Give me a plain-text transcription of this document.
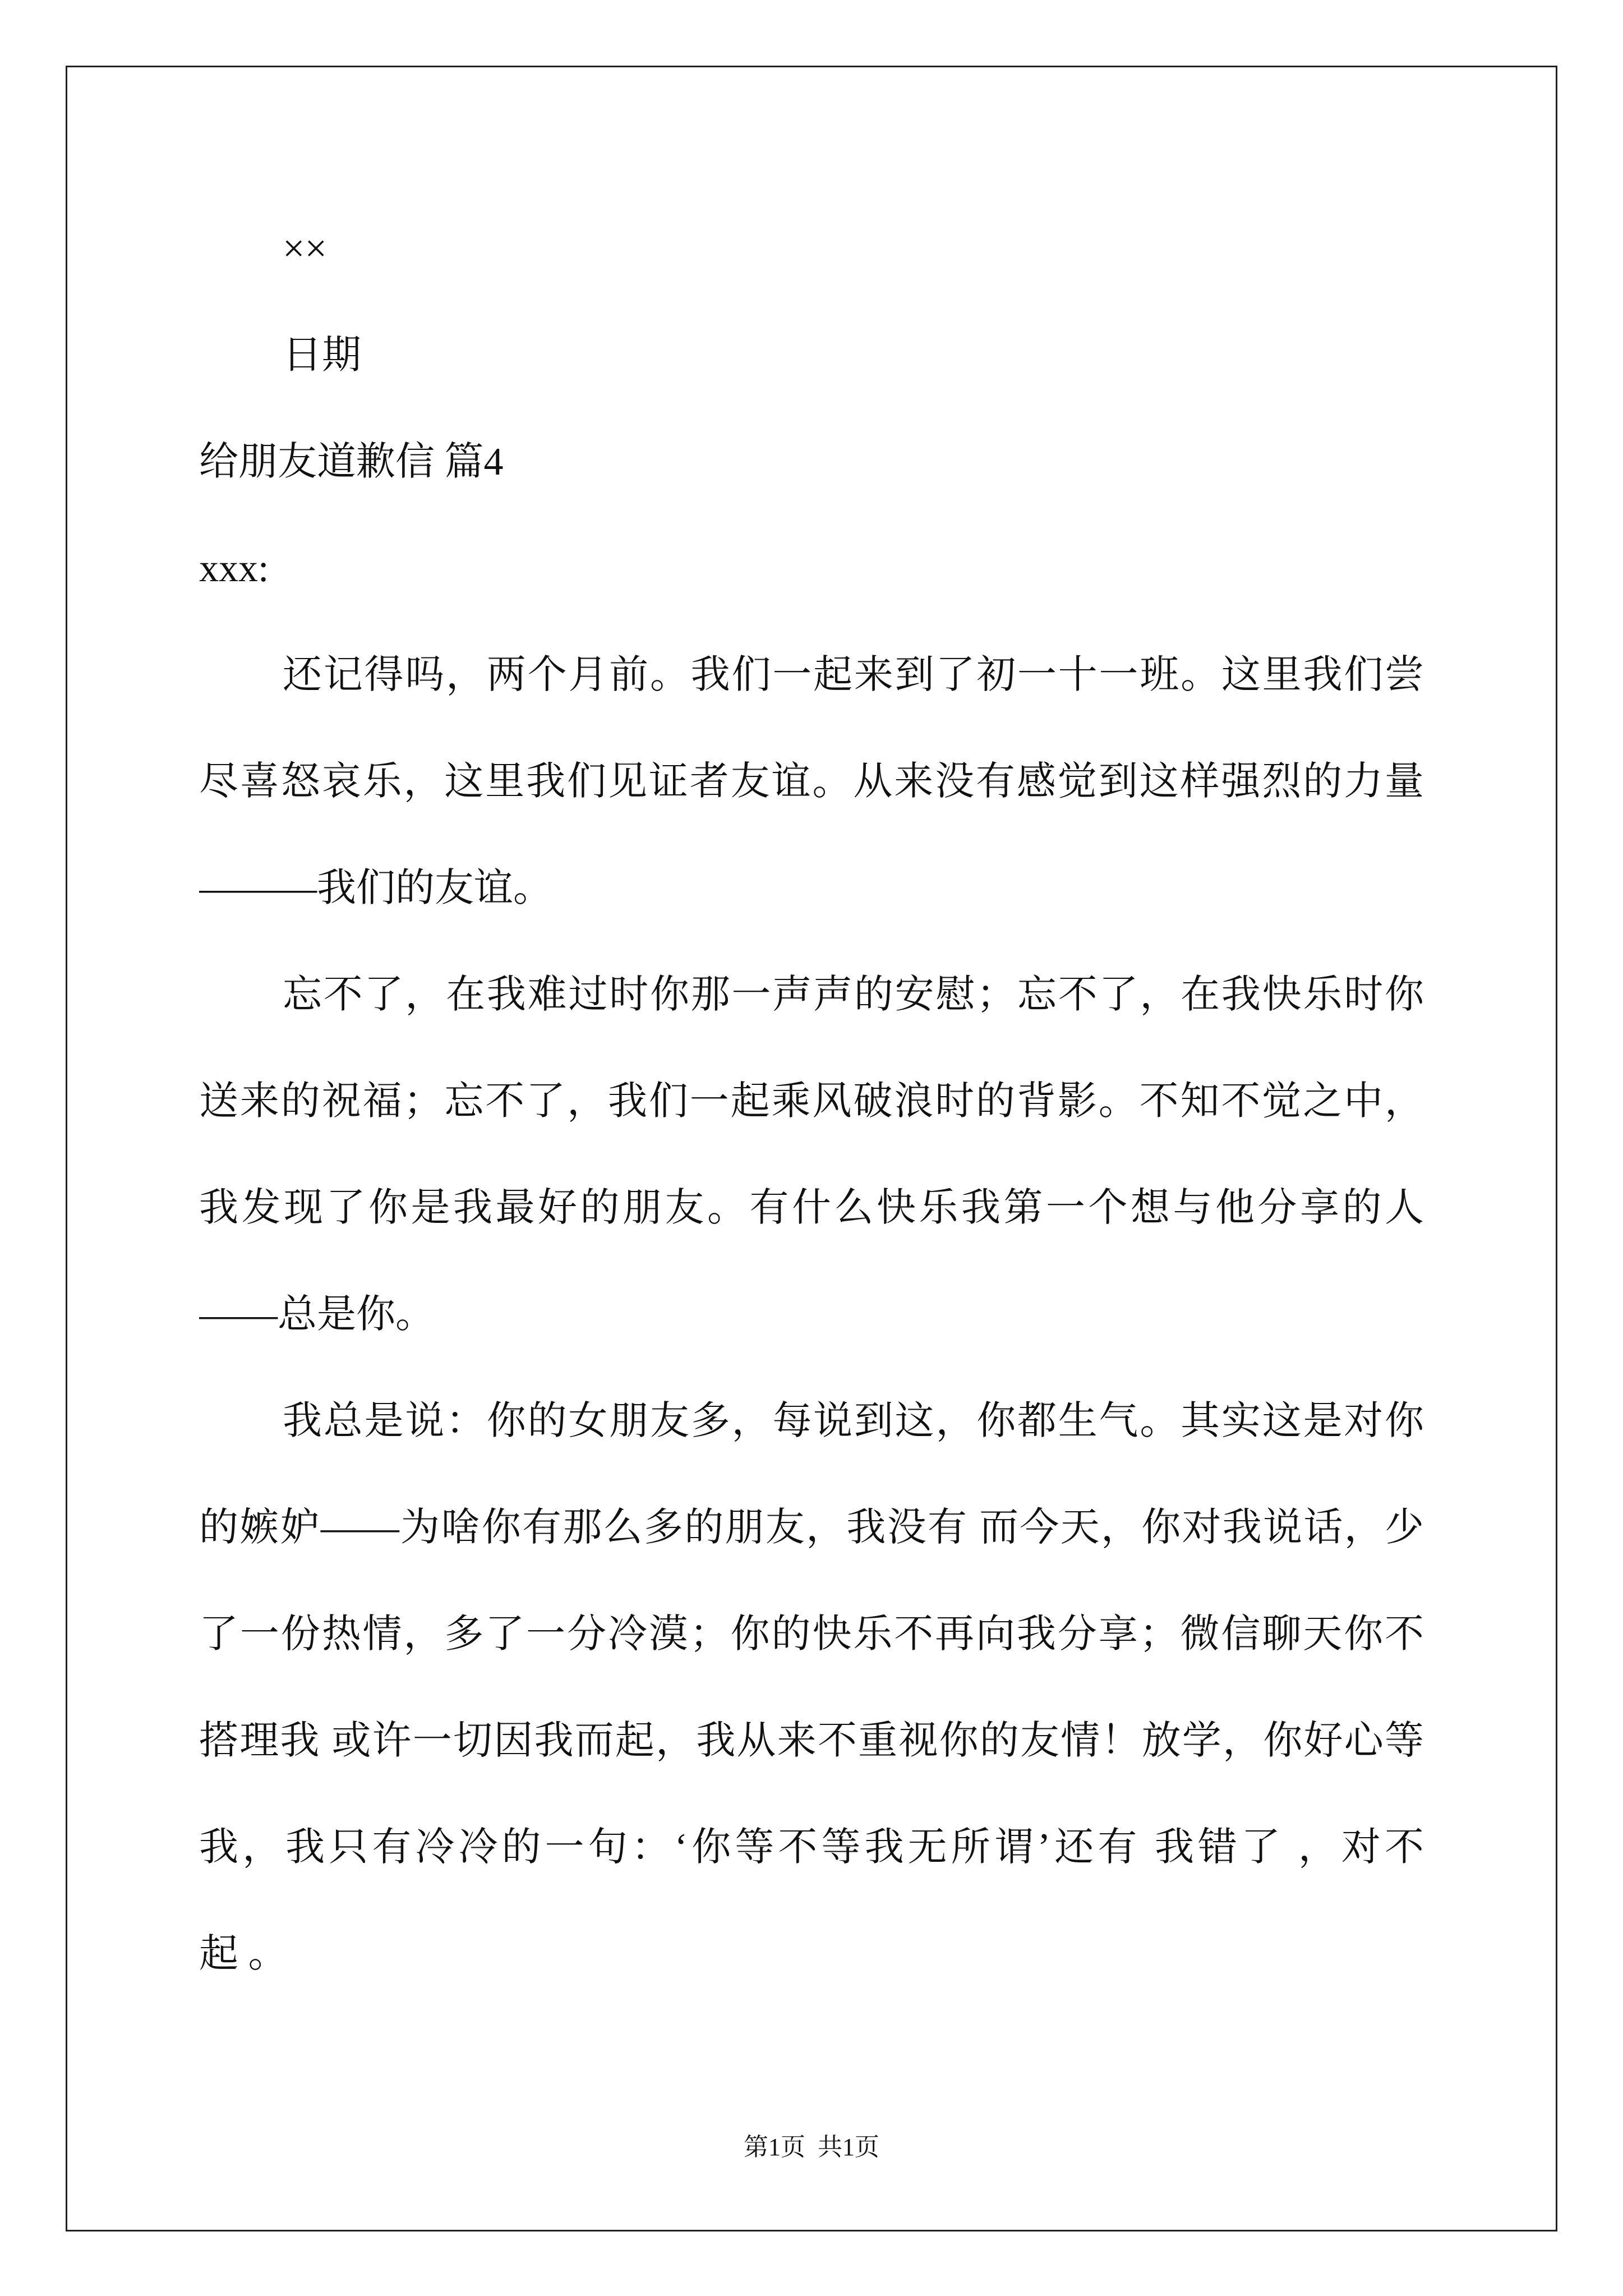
××
日期
给朋友道歉信 篇4
xxx:
还记得吗，两个月前。我们一起来到了初一十一班。这里我们尝
尽喜怒哀乐，这里我们见证者友谊。从来没有感觉到这样强烈的力量
———我们的友谊。
忘不了，在我难过时你那一声声的安慰；忘不了，在我快乐时你
送来的祝福；忘不了，我们一起乘风破浪时的背影。不知不觉之中，
我发现了你是我最好的朋友。有什么快乐我第一个想与他分享的人
——总是你。
我总是说：你的女朋友多，每说到这，你都生气。其实这是对你
的嫉妒——为啥你有那么多的朋友，我没有 而今天，你对我说话，少
了一份热情，多了一分冷漠；你的快乐不再向我分享；微信聊天你不
搭理我 或许一切因我而起，我从来不重视你的友情！放学，你好心等
我，我只有冷冷的一句：‘你等不等我无所谓’还有 我错了 ，对不
起 。
第1页  共1页
